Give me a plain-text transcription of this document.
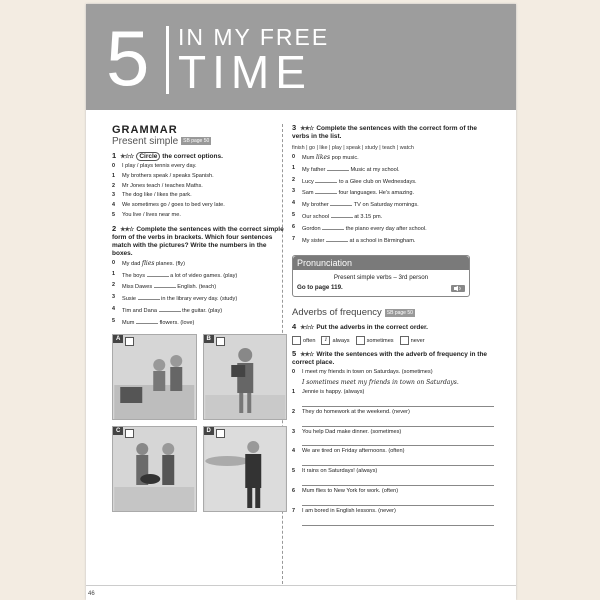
5 IN MY FREE
TIME
GRAMMAR
Present simple SB page 50
1 ★☆☆ Circle the correct options.
0	I play / plays tennis every day.
1	My brothers speak / speaks Spanish.
2	Mr Jones teach / teaches Maths.
3	The dog like / likes the park.
4	We sometimes go / goes to bed very late.
5	You live / lives near me.
2 ★★☆ Complete the sentences with the correct simple form of the verbs in brackets. Which four sentences match with the pictures? Write the numbers in the boxes.
0	My dad flies planes. (fly)
1	The boys	a lot of video games. (play)
2	Miss Dawes	English. (teach)
3	Susie	in the library every day. (study)
4	Tim and Dana	the guitar. (play)
5	Mum	flowers. (love)
A	B
C	D
3 ★★☆ Complete the sentences with the correct form of the verbs in the list.
finish | go | like | play | speak | study | teach | watch
0	Mum likes pop music.
1	My father	Music at my school.
2	Lucy	to a Glee club on Wednesdays.
3	Sam	four languages. He's amazing.
4	My brother	TV on Saturday mornings.
5	Our school	at 3.15 pm.
6	Gordon	the piano every day after school.
7	My sister	at a school in Birmingham.
Pronunciation
Present simple verbs – 3rd person
Go to page 119.
Adverbs of frequency SB page 50
4 ★☆☆ Put the adverbs in the correct order.
often	1 always	sometimes	never
5 ★★☆ Write the sentences with the adverb of frequency in the correct place.
0	I meet my friends in town on Saturdays. (sometimes)
I sometimes meet my friends in town on Saturdays.
1	Jennie is happy. (always)
2	They do homework at the weekend. (never)
3	You help Dad make dinner. (sometimes)
4	We are tired on Friday afternoons. (often)
5	It rains on Saturdays! (always)
6	Mum flies to New York for work. (often)
7	I am bored in English lessons. (never)
46
